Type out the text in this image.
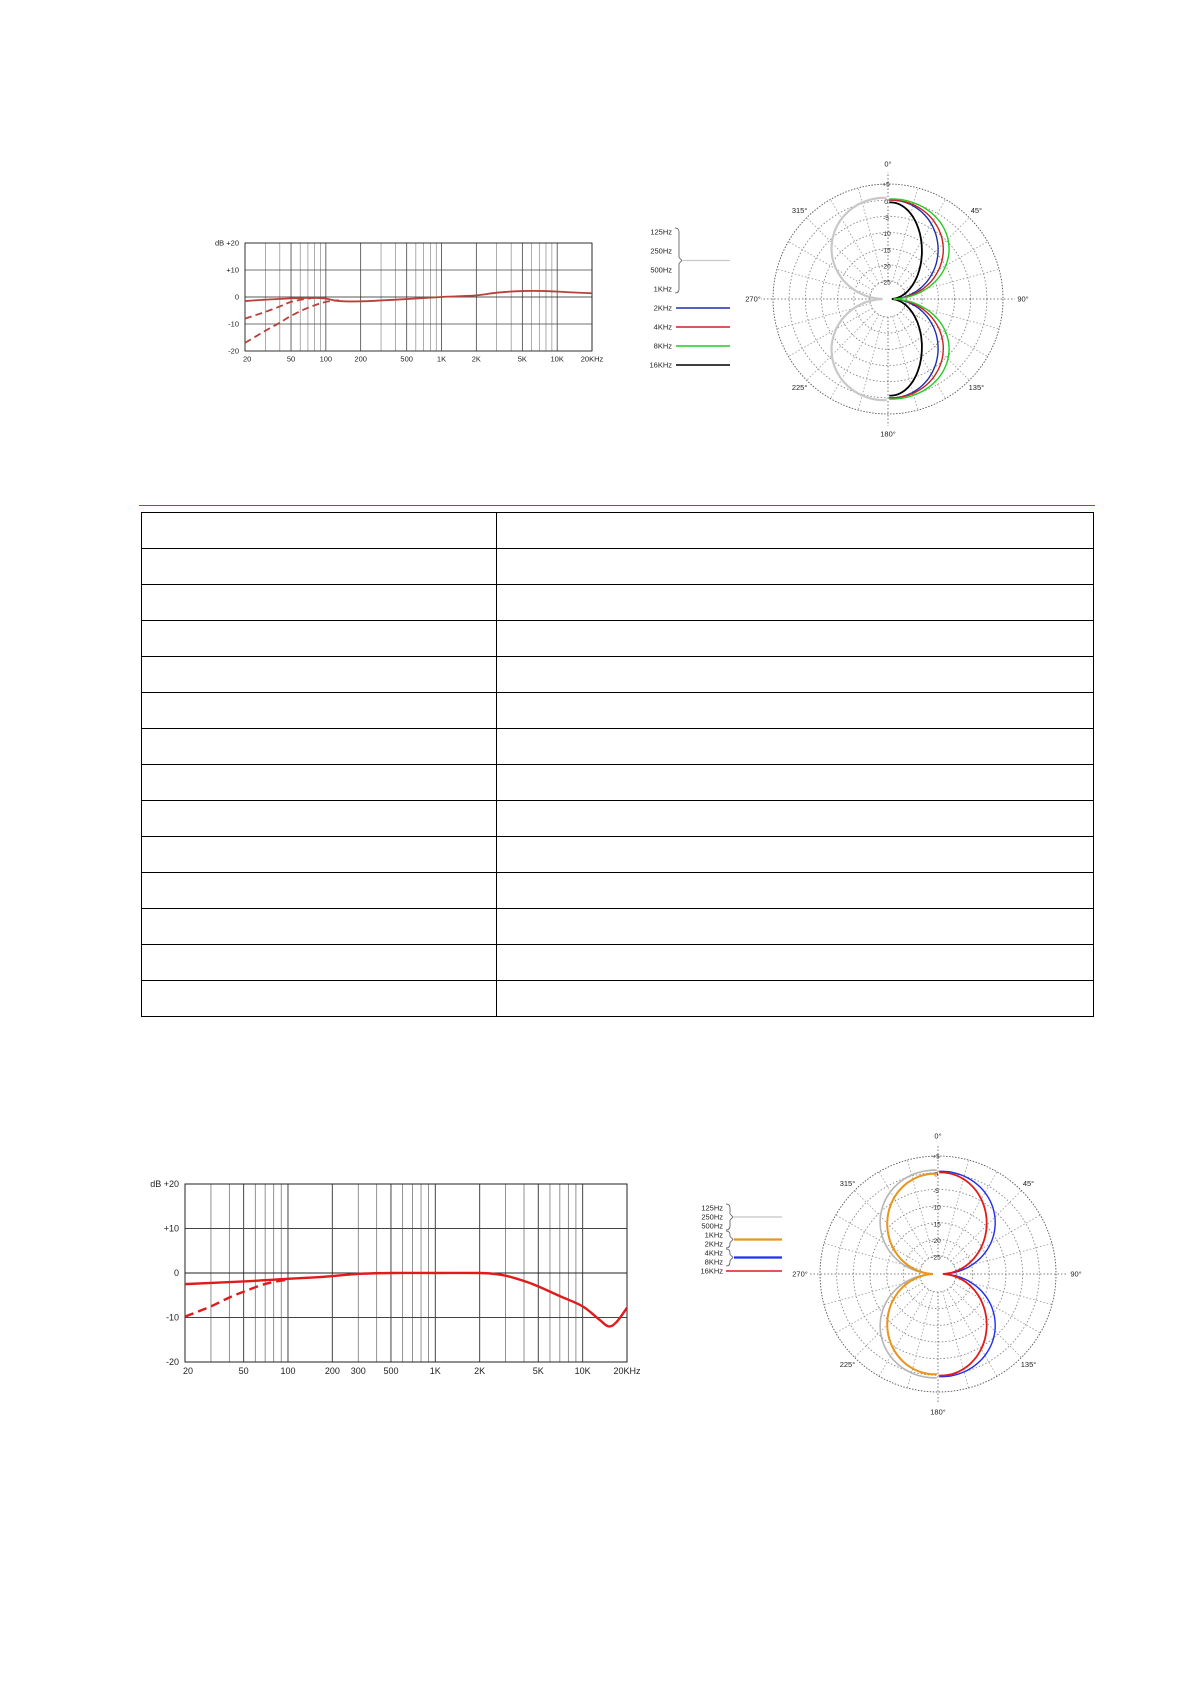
dB +20
+10
0
-10
-20
20	50	100	200	500	1K	2K	5K	10K 20KHz
0°
45°
90°
135°
180°
225°
270°
315°
+5
0
-5
-10
-15
-20
-25
125Hz
250Hz
500Hz
1KHz
2KHz
4KHz
8KHz
16KHz

dB +20
+10
0
-10
-20
20	50	100	200 300 500	1K	2K	5K	10K	20KHz
0°
45°
90°
135°
180°
225°
270°
315°
+5
0
-5
-10
-15
-20
-25
125Hz
250Hz
500Hz
1KHz
2KHz
4KHz
8KHz
16KHz
